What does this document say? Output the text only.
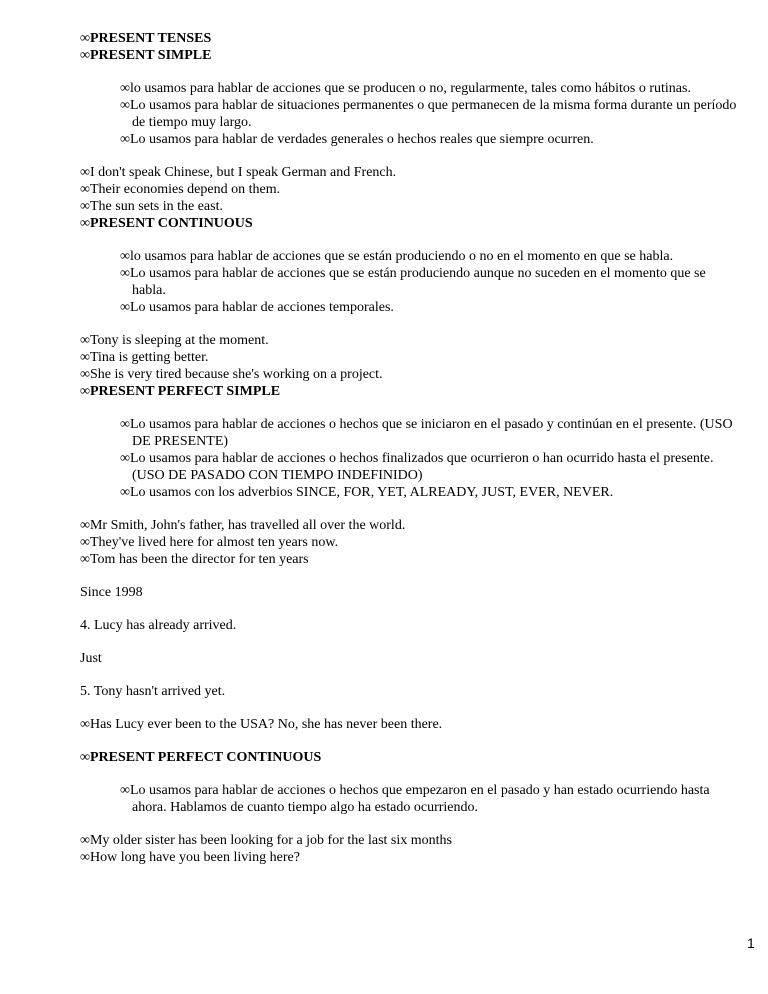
∞PRESENT TENSES
∞PRESENT SIMPLE
∞lo usamos para hablar de acciones que se producen o no, regularmente, tales como hábitos o rutinas.
∞Lo usamos para hablar de situaciones permanentes o que permanecen de la misma forma durante un período de tiempo muy largo.
∞Lo usamos para hablar de verdades generales o hechos reales que siempre ocurren.
∞I don't speak Chinese, but I speak German and French.
∞Their economies depend on them.
∞The sun sets in the east.
∞PRESENT CONTINUOUS
∞lo usamos para hablar de acciones que se están produciendo o no en el momento en que se habla.
∞Lo usamos para hablar de acciones que se están produciendo aunque no suceden en el momento que se habla.
∞Lo usamos para hablar de acciones temporales.
∞Tony is sleeping at the moment.
∞Tina is getting better.
∞She is very tired because she's working on a project.
∞PRESENT PERFECT SIMPLE
∞Lo usamos para hablar de acciones o hechos que se iniciaron en el pasado y continúan en el presente. (USO DE PRESENTE)
∞Lo usamos para hablar de acciones o hechos finalizados que ocurrieron o han ocurrido hasta el presente. (USO DE PASADO CON TIEMPO INDEFINIDO)
∞Lo usamos con los adverbios SINCE, FOR, YET, ALREADY, JUST, EVER, NEVER.
∞Mr Smith, John's father, has travelled all over the world.
∞They've lived here for almost ten years now.
∞Tom has been the director for ten years
Since 1998
4. Lucy has already arrived.
Just
5. Tony hasn't arrived yet.
∞Has Lucy ever been to the USA? No, she has never been there.
∞PRESENT PERFECT CONTINUOUS
∞Lo usamos para hablar de acciones o hechos que empezaron en el pasado y han estado ocurriendo hasta ahora. Hablamos de cuanto tiempo algo ha estado ocurriendo.
∞My older sister has been looking for a job for the last six months
∞How long have you been living here?
1
